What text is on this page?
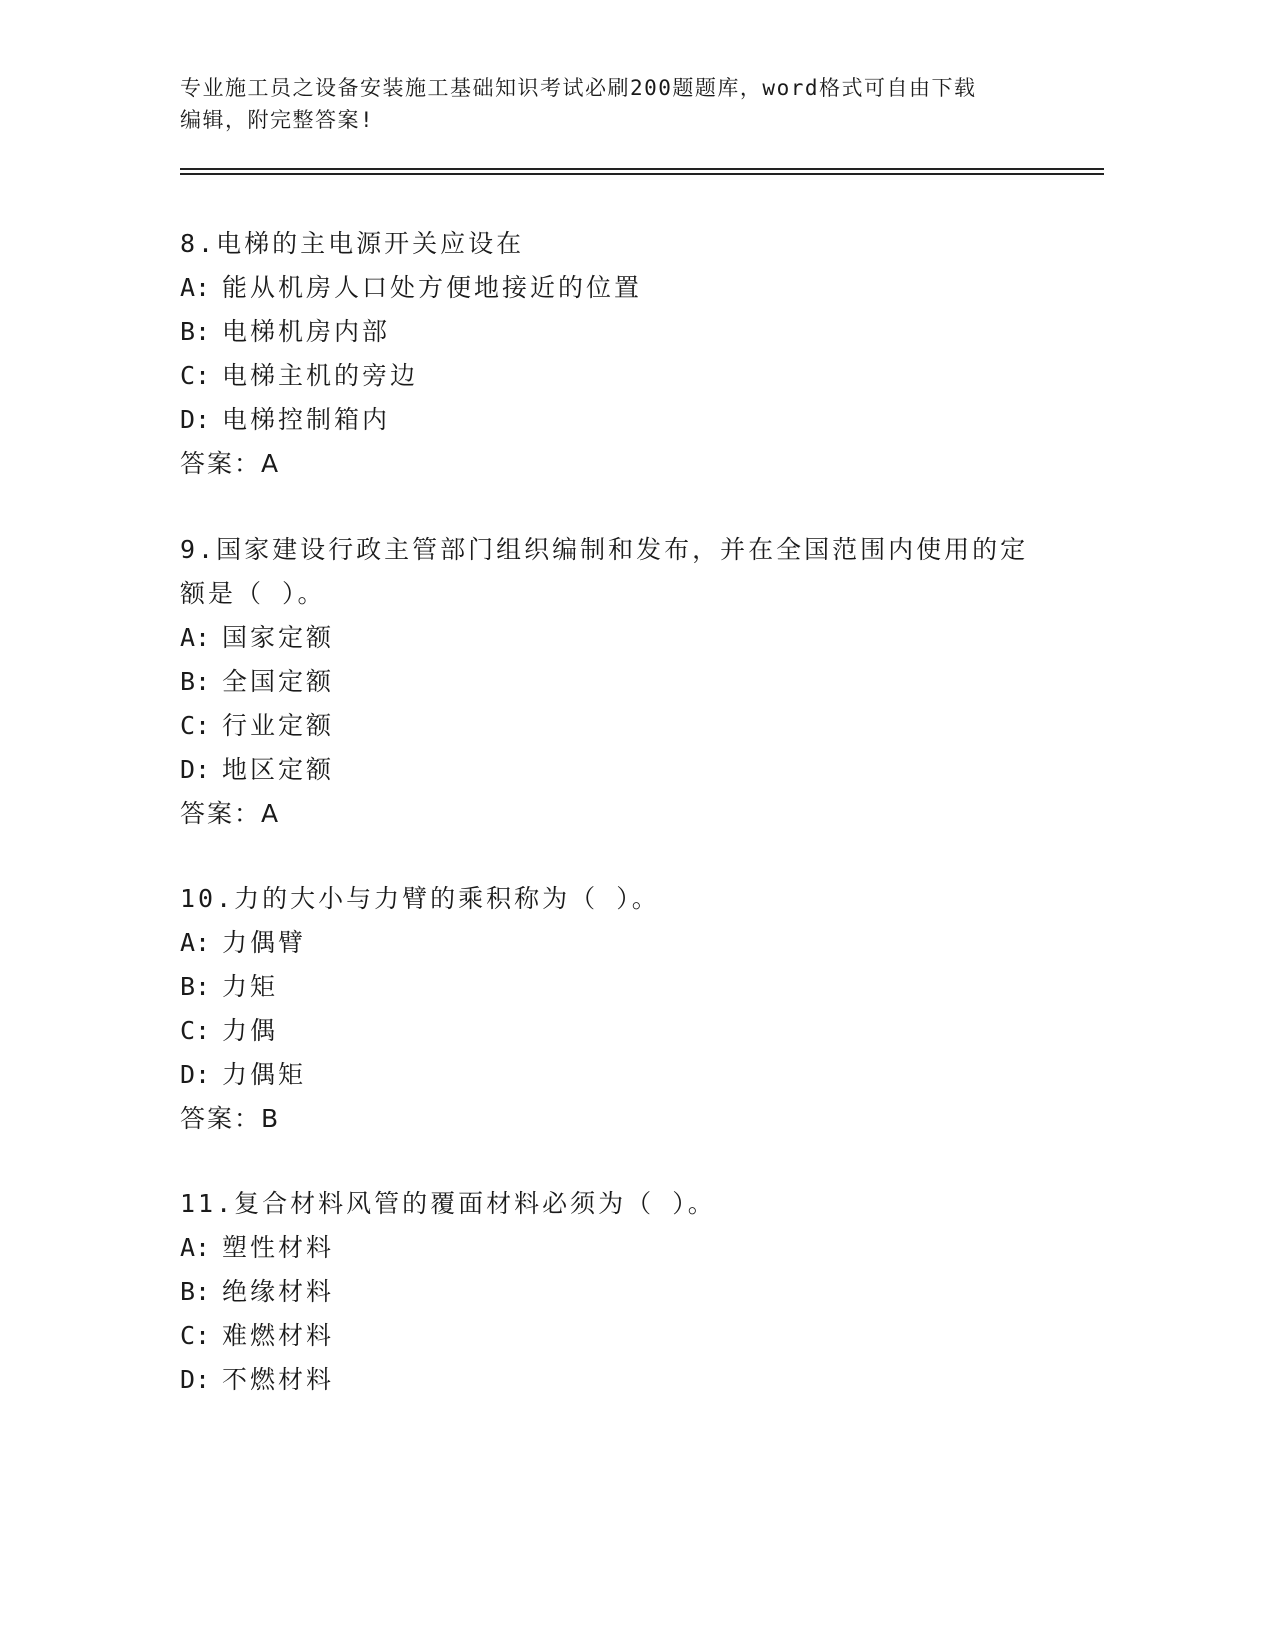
专业施工员之设备安装施工基础知识考试必刷200题题库，word格式可自由下载
编辑，附完整答案!
8.电梯的主电源开关应设在
A: 能从机房人口处方便地接近的位置
B: 电梯机房内部
C: 电梯主机的旁边
D: 电梯控制箱内
答案：A
9.国家建设行政主管部门组织编制和发布，并在全国范围内使用的定
额是（ ）。
A: 国家定额
B: 全国定额
C: 行业定额
D: 地区定额
答案：A
10.力的大小与力臂的乘积称为（ ）。
A: 力偶臂
B: 力矩
C: 力偶
D: 力偶矩
答案：B
11.复合材料风管的覆面材料必须为（ ）。
A: 塑性材料
B: 绝缘材料
C: 难燃材料
D: 不燃材料
